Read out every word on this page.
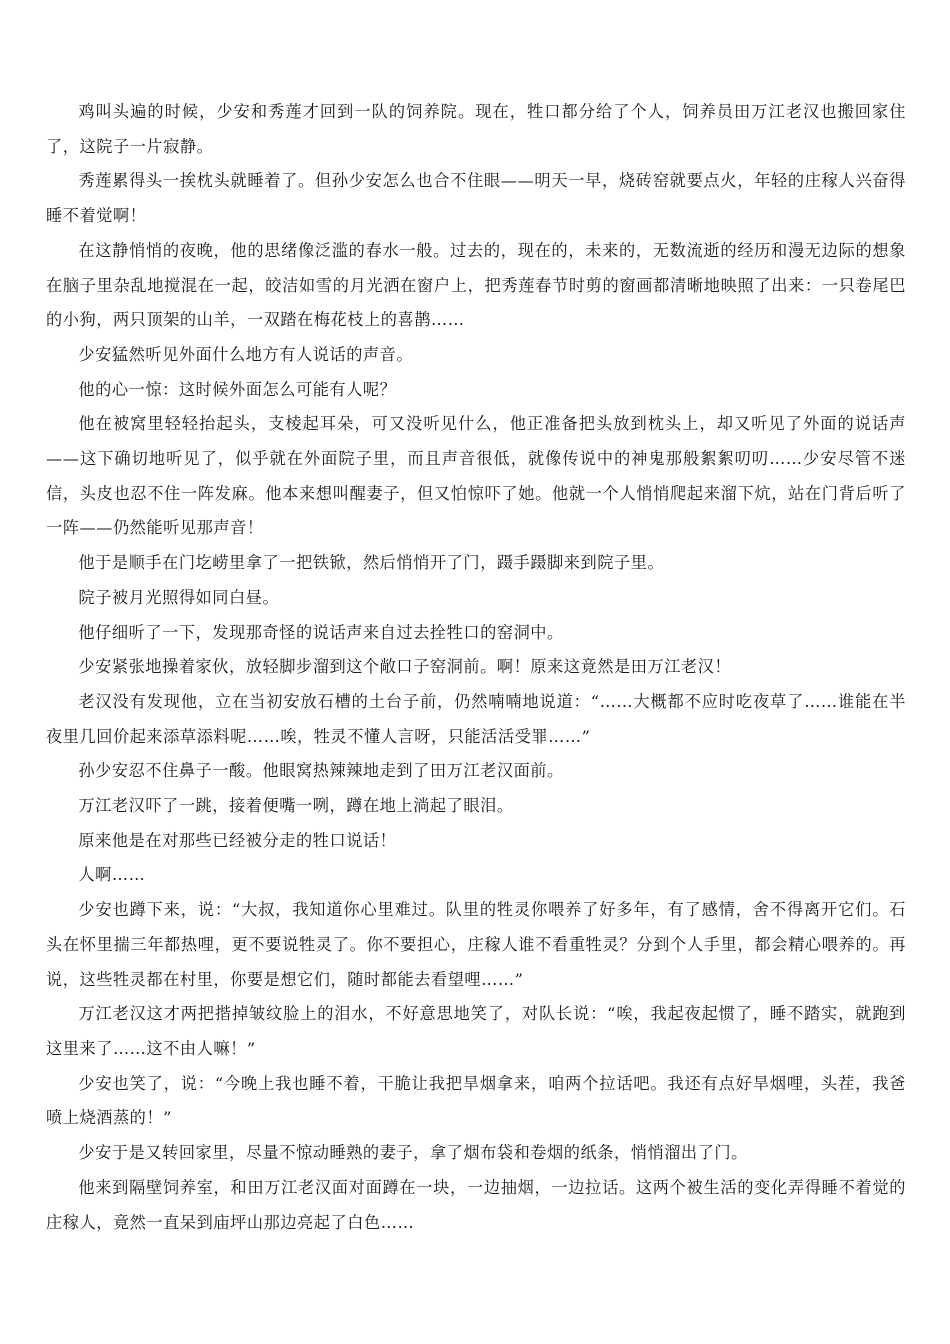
鸡叫头遍的时候，少安和秀莲才回到一队的饲养院。现在，牲口都分给了个人，饲养员田万江老汉也搬回家住了，这院子一片寂静。

秀莲累得头一挨枕头就睡着了。但孙少安怎么也合不住眼——明天一早，烧砖窑就要点火，年轻的庄稼人兴奋得睡不着觉啊！

在这静悄悄的夜晚，他的思绪像泛滥的春水一般。过去的，现在的，未来的，无数流逝的经历和漫无边际的想象在脑子里杂乱地搅混在一起，皎洁如雪的月光洒在窗户上，把秀莲春节时剪的窗画都清晰地映照了出来：一只卷尾巴的小狗，两只顶架的山羊，一双踏在梅花枝上的喜鹊……

少安猛然听见外面什么地方有人说话的声音。

他的心一惊：这时候外面怎么可能有人呢？

他在被窝里轻轻抬起头，支棱起耳朵，可又没听见什么，他正准备把头放到枕头上，却又听见了外面的说话声——这下确切地听见了，似乎就在外面院子里，而且声音很低，就像传说中的神鬼那般絮絮叨叨……少安尽管不迷信，头皮也忍不住一阵发麻。他本来想叫醒妻子，但又怕惊吓了她。他就一个人悄悄爬起来溜下炕，站在门背后听了一阵——仍然能听见那声音！

他于是顺手在门圪崂里拿了一把铁锨，然后悄悄开了门，蹑手蹑脚来到院子里。

院子被月光照得如同白昼。

他仔细听了一下，发现那奇怪的说话声来自过去拴牲口的窑洞中。

少安紧张地操着家伙，放轻脚步溜到这个敞口子窑洞前。啊！原来这竟然是田万江老汉！

老汉没有发现他，立在当初安放石槽的土台子前，仍然喃喃地说道：“……大概都不应时吃夜草了……谁能在半夜里几回价起来添草添料呢……唉，牲灵不懂人言呀，只能活活受罪……”

孙少安忍不住鼻子一酸。他眼窝热辣辣地走到了田万江老汉面前。

万江老汉吓了一跳，接着便嘴一咧，蹲在地上淌起了眼泪。

原来他是在对那些已经被分走的牲口说话！

人啊……

少安也蹲下来，说：“大叔，我知道你心里难过。队里的牲灵你喂养了好多年，有了感情，舍不得离开它们。石头在怀里揣三年都热哩，更不要说牲灵了。你不要担心，庄稼人谁不看重牲灵？分到个人手里，都会精心喂养的。再说，这些牲灵都在村里，你要是想它们，随时都能去看望哩……”

万江老汉这才两把揩掉皱纹脸上的泪水，不好意思地笑了，对队长说：“唉，我起夜起惯了，睡不踏实，就跑到这里来了……这不由人嘛！”

少安也笑了，说：“今晚上我也睡不着，干脆让我把旱烟拿来，咱两个拉话吧。我还有点好旱烟哩，头茬，我爸喷上烧酒蒸的！”

少安于是又转回家里，尽量不惊动睡熟的妻子，拿了烟布袋和卷烟的纸条，悄悄溜出了门。

他来到隔壁饲养室，和田万江老汉面对面蹲在一块，一边抽烟，一边拉话。这两个被生活的变化弄得睡不着觉的庄稼人，竟然一直呆到庙坪山那边亮起了白色……
